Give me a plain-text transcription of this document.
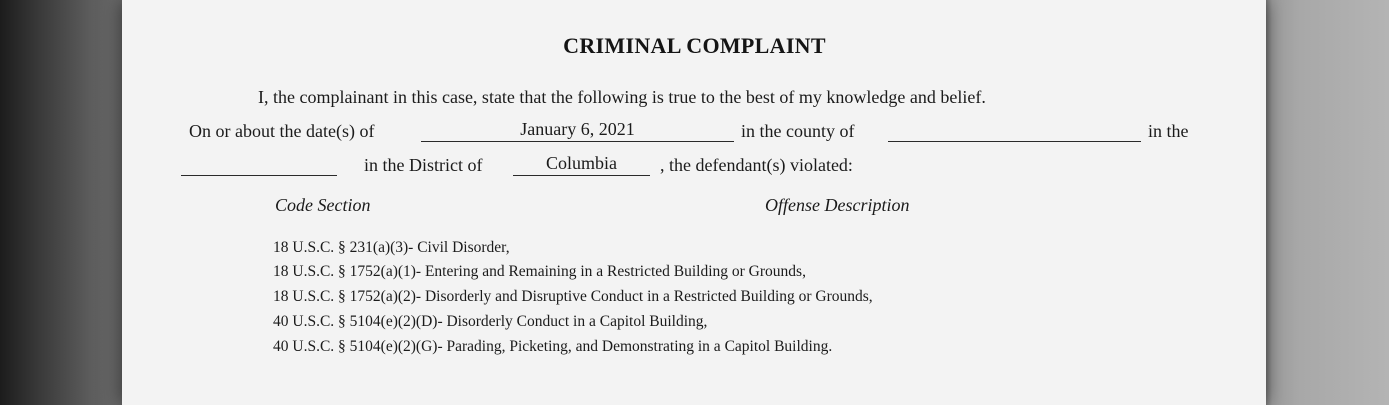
CRIMINAL COMPLAINT
I, the complainant in this case, state that the following is true to the best of my knowledge and belief.
On or about the date(s) of	January 6, 2021	in the county of	in the
in the District of	Columbia	, the defendant(s) violated:
Code Section	Offense Description
18 U.S.C. § 231(a)(3)- Civil Disorder,
18 U.S.C. § 1752(a)(1)- Entering and Remaining in a Restricted Building or Grounds,
18 U.S.C. § 1752(a)(2)- Disorderly and Disruptive Conduct in a Restricted Building or Grounds,
40 U.S.C. § 5104(e)(2)(D)- Disorderly Conduct in a Capitol Building,
40 U.S.C. § 5104(e)(2)(G)- Parading, Picketing, and Demonstrating in a Capitol Building.
